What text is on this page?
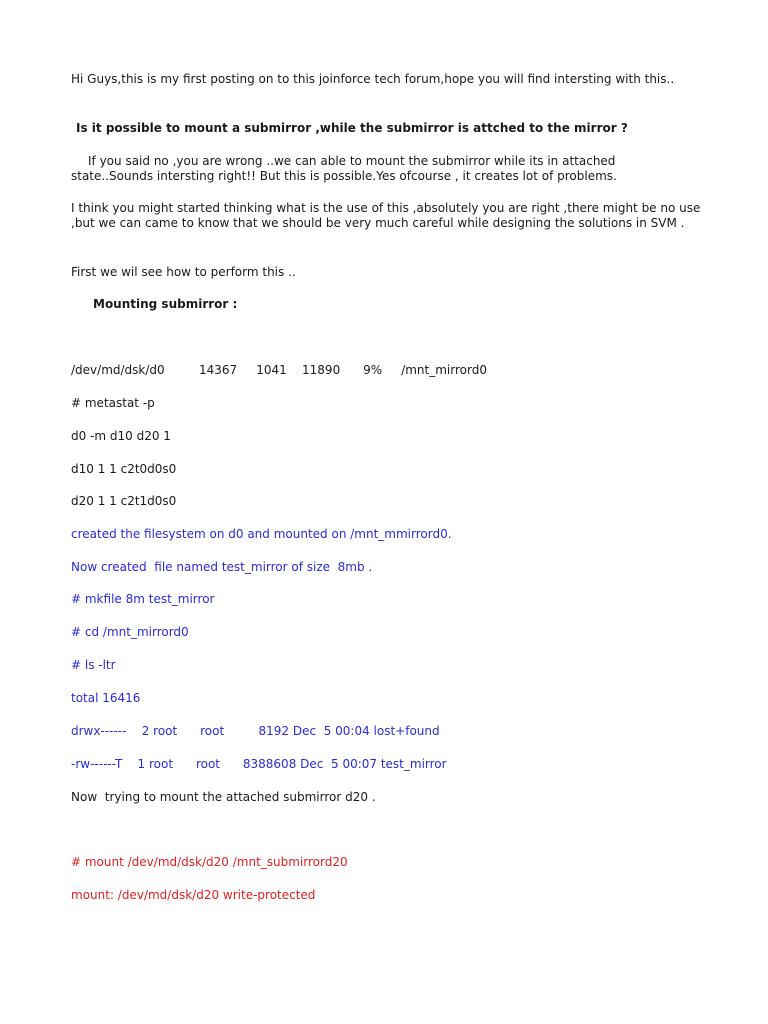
Hi Guys,this is my first posting on to this joinforce tech forum,hope you will find intersting with this..
Is it possible to mount a submirror ,while the submirror is attched to the mirror ?
If you said no ,you are wrong ..we can able to mount the submirror while its in attached state..Sounds intersting right!! But this is possible.Yes ofcourse , it creates lot of problems.
I think you might started thinking what is the use of this ,absolutely you are right ,there might be no use ,but we can came to know that we should be very much careful while designing the solutions in SVM .
First we wil see how to perform this ..
Mounting submirror :
/dev/md/dsk/d0         14367     1041    11890      9%     /mnt_mirrord0
# metastat -p
d0 -m d10 d20 1
d10 1 1 c2t0d0s0
d20 1 1 c2t1d0s0
created the filesystem on d0 and mounted on /mnt_mmirrord0.
Now created  file named test_mirror of size  8mb .
# mkfile 8m test_mirror
# cd /mnt_mirrord0
# ls -ltr
total 16416
drwx------    2 root      root         8192 Dec  5 00:04 lost+found
-rw------T    1 root      root      8388608 Dec  5 00:07 test_mirror
Now  trying to mount the attached submirror d20 .
# mount /dev/md/dsk/d20 /mnt_submirrord20
mount: /dev/md/dsk/d20 write-protected
